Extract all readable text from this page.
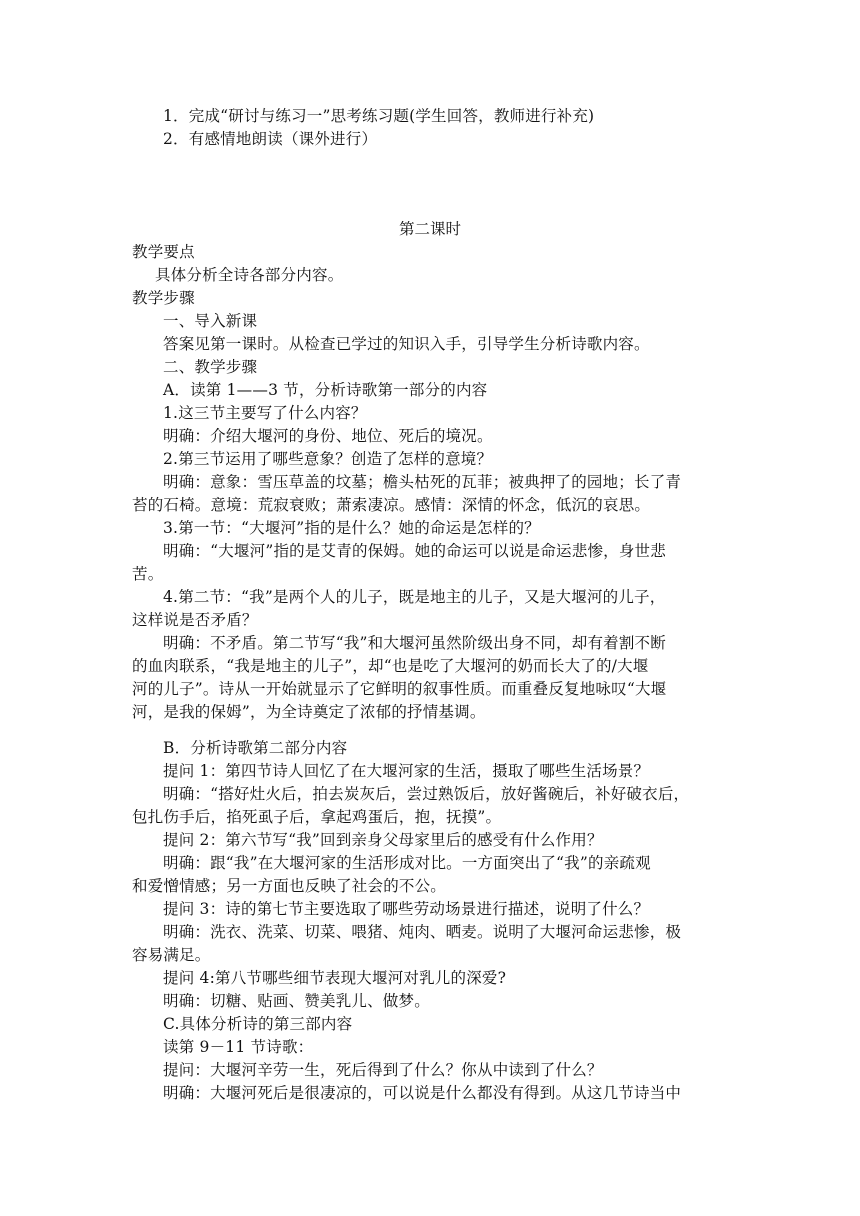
1．完成“研讨与练习一”思考练习题(学生回答，教师进行补充)
2．有感情地朗读（课外进行）
第二课时
教学要点
具体分析全诗各部分内容。
教学步骤
一、导入新课
答案见第一课时。从检查已学过的知识入手，引导学生分析诗歌内容。
二、教学步骤
A．读第 1——3 节，分析诗歌第一部分的内容
1.这三节主要写了什么内容？
明确：介绍大堰河的身份、地位、死后的境况。
2.第三节运用了哪些意象？创造了怎样的意境？
明确：意象：雪压草盖的坟墓；檐头枯死的瓦菲；被典押了的园地；长了青
苔的石椅。意境：荒寂衰败；萧索凄凉。感情：深情的怀念，低沉的哀思。
3.第一节：“大堰河”指的是什么？她的命运是怎样的？
明确：“大堰河”指的是艾青的保姆。她的命运可以说是命运悲惨，身世悲
苦。
4.第二节：“我”是两个人的儿子，既是地主的儿子，又是大堰河的儿子，
这样说是否矛盾？
明确：不矛盾。第二节写“我”和大堰河虽然阶级出身不同，却有着割不断
的血肉联系，“我是地主的儿子”，却“也是吃了大堰河的奶而长大了的/大堰
河的儿子”。诗从一开始就显示了它鲜明的叙事性质。而重叠反复地咏叹“大堰
河，是我的保姆”，为全诗奠定了浓郁的抒情基调。
B．分析诗歌第二部分内容
提问 1：第四节诗人回忆了在大堰河家的生活，摄取了哪些生活场景？
明确：“搭好灶火后，拍去炭灰后，尝过熟饭后，放好酱碗后，补好破衣后，
包扎伤手后，掐死虱子后，拿起鸡蛋后，抱，抚摸”。
提问 2：第六节写“我”回到亲身父母家里后的感受有什么作用？
明确：跟“我”在大堰河家的生活形成对比。一方面突出了“我”的亲疏观
和爱憎情感；另一方面也反映了社会的不公。
提问 3：诗的第七节主要选取了哪些劳动场景进行描述，说明了什么？
明确：洗衣、洗菜、切菜、喂猪、炖肉、晒麦。说明了大堰河命运悲惨，极
容易满足。
提问 4:第八节哪些细节表现大堰河对乳儿的深爱?
明确：切糖、贴画、赞美乳儿、做梦。
C.具体分析诗的第三部内容
读第 9－11 节诗歌：
提问：大堰河辛劳一生，死后得到了什么？你从中读到了什么？
明确：大堰河死后是很凄凉的，可以说是什么都没有得到。从这几节诗当中
